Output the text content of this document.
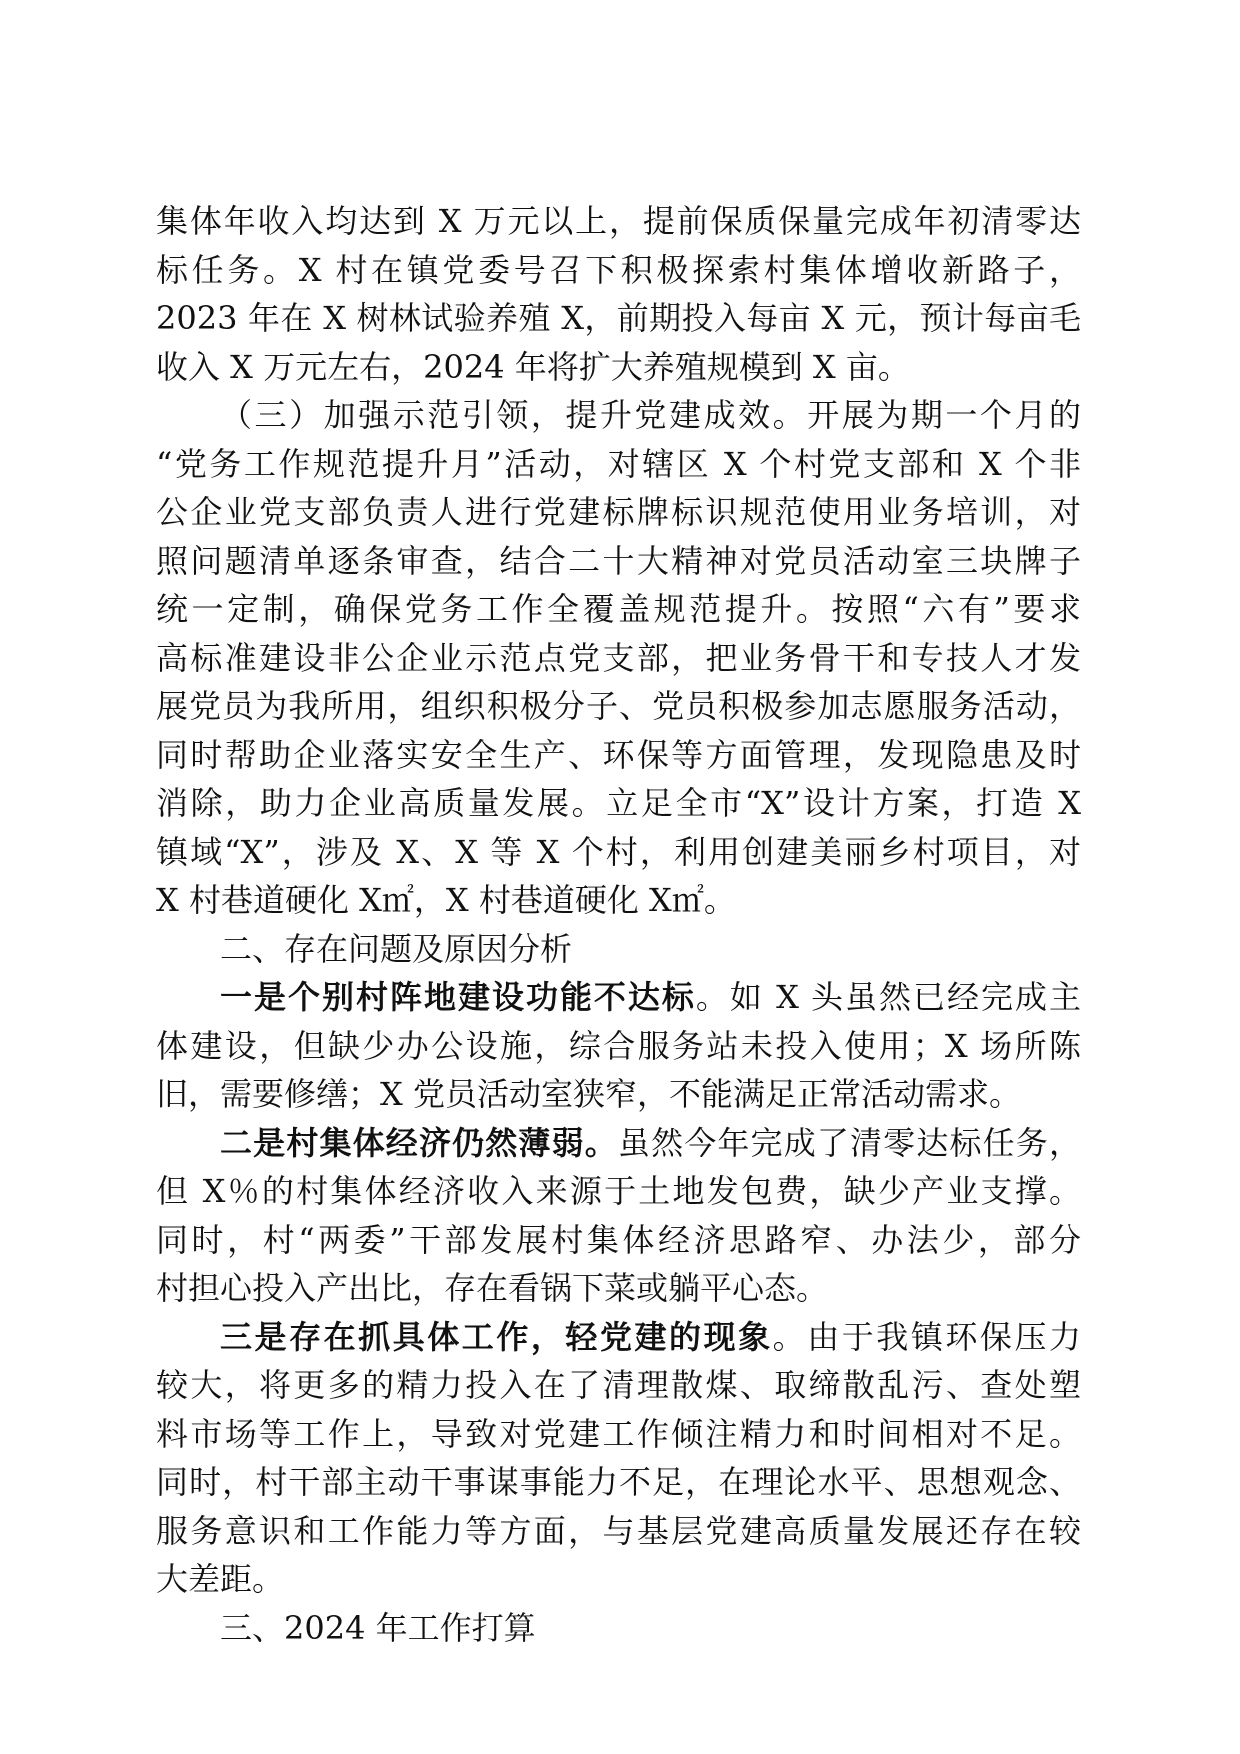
集体年收入均达到 X 万元以上，提前保质保量完成年初清零达
标任务。X 村在镇党委号召下积极探索村集体增收新路子，
2023 年在 X 树林试验养殖 X，前期投入每亩 X 元，预计每亩毛
收入 X 万元左右，2024 年将扩大养殖规模到 X 亩。
（三）加强示范引领，提升党建成效。开展为期一个月的
“党务工作规范提升月”活动，对辖区 X 个村党支部和 X 个非
公企业党支部负责人进行党建标牌标识规范使用业务培训，对
照问题清单逐条审查，结合二十大精神对党员活动室三块牌子
统一定制，确保党务工作全覆盖规范提升。按照“六有”要求
高标准建设非公企业示范点党支部，把业务骨干和专技人才发
展党员为我所用，组织积极分子、党员积极参加志愿服务活动，
同时帮助企业落实安全生产、环保等方面管理，发现隐患及时
消除，助力企业高质量发展。立足全市“X”设计方案，打造 X
镇域“X”，涉及 X、X 等 X 个村，利用创建美丽乡村项目，对
X 村巷道硬化 X㎡，X 村巷道硬化 X㎡。
二、存在问题及原因分析
一是个别村阵地建设功能不达标。如 X 头虽然已经完成主
体建设，但缺少办公设施，综合服务站未投入使用；X 场所陈
旧，需要修缮；X 党员活动室狭窄，不能满足正常活动需求。
二是村集体经济仍然薄弱。虽然今年完成了清零达标任务，
但 X％的村集体经济收入来源于土地发包费，缺少产业支撑。
同时，村“两委”干部发展村集体经济思路窄、办法少，部分
村担心投入产出比，存在看锅下菜或躺平心态。
三是存在抓具体工作，轻党建的现象。由于我镇环保压力
较大，将更多的精力投入在了清理散煤、取缔散乱污、查处塑
料市场等工作上，导致对党建工作倾注精力和时间相对不足。
同时，村干部主动干事谋事能力不足，在理论水平、思想观念、
服务意识和工作能力等方面，与基层党建高质量发展还存在较
大差距。
三、2024 年工作打算
